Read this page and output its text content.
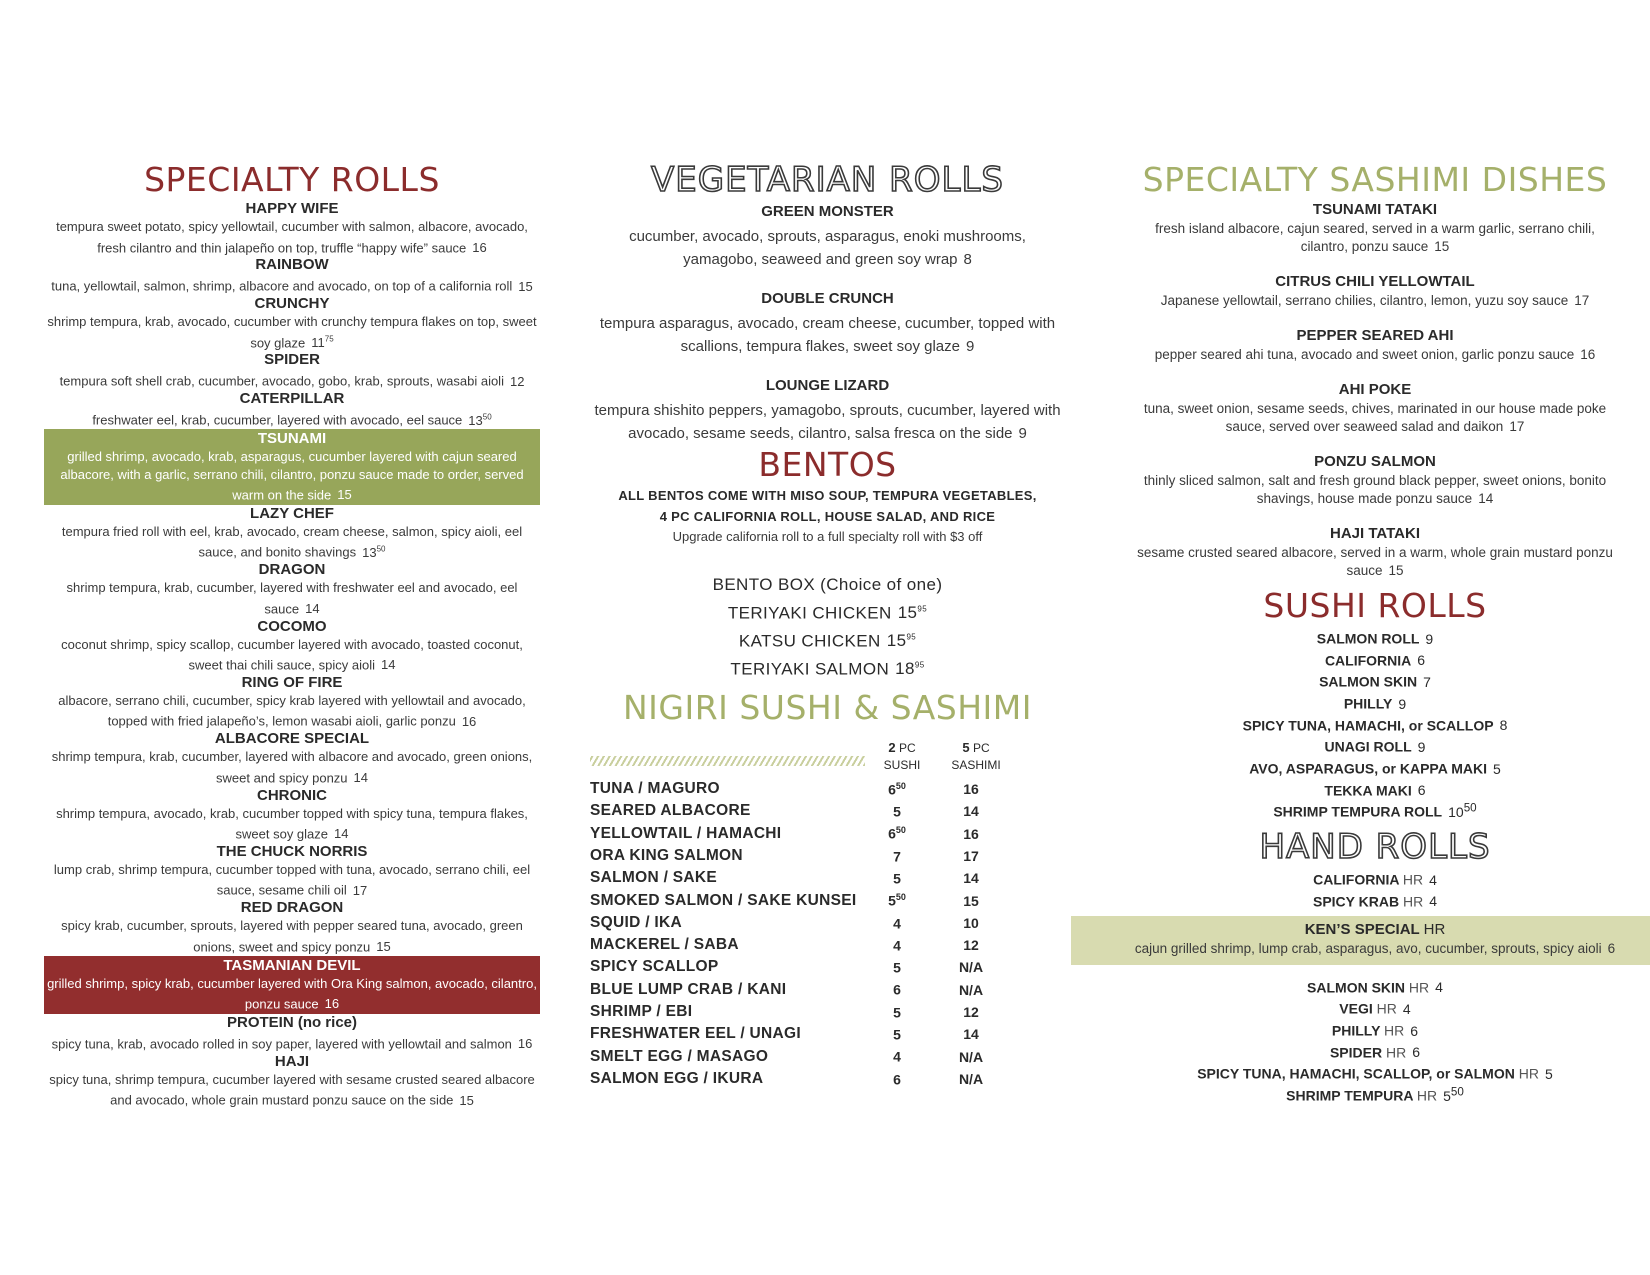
SPECIALTY ROLLS
HAPPY WIFE
tempura sweet potato, spicy yellowtail, cucumber with salmon, albacore, avocado, fresh cilantro and thin jalapeño on top, truffle “happy wife” sauce 16
RAINBOW
tuna, yellowtail, salmon, shrimp, albacore and avocado, on top of a california roll 15
CRUNCHY
shrimp tempura, krab, avocado, cucumber with crunchy tempura flakes on top, sweet soy glaze $11^{75}$
SPIDER
tempura soft shell crab, cucumber, avocado, gobo, krab, sprouts, wasabi aioli 12
CATERPILLAR
freshwater eel, krab, cucumber, layered with avocado, eel sauce $13^{50}$
TSUNAMI
grilled shrimp, avocado, krab, asparagus, cucumber layered with cajun seared albacore, with a garlic, serrano chili, cilantro, ponzu sauce made to order, served warm on the side 15
LAZY CHEF
tempura fried roll with eel, krab, avocado, cream cheese, salmon, spicy aioli, eel sauce, and bonito shavings $13^{50}$
DRAGON
shrimp tempura, krab, cucumber, layered with freshwater eel and avocado, eel sauce 14
COCOMO
coconut shrimp, spicy scallop, cucumber layered with avocado, toasted coconut, sweet thai chili sauce, spicy aioli 14
RING OF FIRE
albacore, serrano chili, cucumber, spicy krab layered with yellowtail and avocado, topped with fried jalapeño’s, lemon wasabi aioli, garlic ponzu 16
ALBACORE SPECIAL
shrimp tempura, krab, cucumber, layered with albacore and avocado, green onions, sweet and spicy ponzu 14
CHRONIC
shrimp tempura, avocado, krab, cucumber topped with spicy tuna, tempura flakes, sweet soy glaze 14
THE CHUCK NORRIS
lump crab, shrimp tempura, cucumber topped with tuna, avocado, serrano chili, eel sauce, sesame chili oil 17
RED DRAGON
spicy krab, cucumber, sprouts, layered with pepper seared tuna, avocado, green onions, sweet and spicy ponzu 15
TASMANIAN DEVIL
grilled shrimp, spicy krab, cucumber layered with Ora King salmon, avocado, cilantro, ponzu sauce 16
PROTEIN (no rice)
spicy tuna, krab, avocado rolled in soy paper, layered with yellowtail and salmon 16
HAJI
spicy tuna, shrimp tempura, cucumber layered with sesame crusted seared albacore and avocado, whole grain mustard ponzu sauce on the side 15
VEGETARIAN ROLLS
GREEN MONSTER
cucumber, avocado, sprouts, asparagus, enoki mushrooms, yamagobo, seaweed and green soy wrap 8
DOUBLE CRUNCH
tempura asparagus, avocado, cream cheese, cucumber, topped with scallions, tempura flakes, sweet soy glaze 9
LOUNGE LIZARD
tempura shishito peppers, yamagobo, sprouts, cucumber, layered with avocado, sesame seeds, cilantro, salsa fresca on the side 9
BENTOS
ALL BENTOS COME WITH MISO SOUP, TEMPURA VEGETABLES,
4 PC CALIFORNIA ROLL, HOUSE SALAD, AND RICE
Upgrade california roll to a full specialty roll with $3 off
BENTO BOX (Choice of one)
TERIYAKI CHICKEN $15^{95}$
KATSU CHICKEN $15^{95}$
TERIYAKI SALMON $18^{95}$
NIGIRI SUSHI & SASHIMI
2 PC
SUSHI
5 PC
SASHIMI
TUNA / MAGURO	$6^{50}$	16
SEARED ALBACORE	5	14
YELLOWTAIL / HAMACHI	$6^{50}$	16
ORA KING SALMON	7	17
SALMON / SAKE	5	14
SMOKED SALMON / SAKE KUNSEI	$5^{50}$	15
SQUID / IKA	4	10
MACKEREL / SABA	4	12
SPICY SCALLOP	5	N/A
BLUE LUMP CRAB / KANI	6	N/A
SHRIMP / EBI	5	12
FRESHWATER EEL / UNAGI	5	14
SMELT EGG / MASAGO	4	N/A
SALMON EGG / IKURA	6	N/A
SPECIALTY SASHIMI DISHES
TSUNAMI TATAKI
fresh island albacore, cajun seared, served in a warm garlic, serrano chili, cilantro, ponzu sauce 15
CITRUS CHILI YELLOWTAIL
Japanese yellowtail, serrano chilies, cilantro, lemon, yuzu soy sauce 17
PEPPER SEARED AHI
pepper seared ahi tuna, avocado and sweet onion, garlic ponzu sauce 16
AHI POKE
tuna, sweet onion, sesame seeds, chives, marinated in our house made poke sauce, served over seaweed salad and daikon 17
PONZU SALMON
thinly sliced salmon, salt and fresh ground black pepper, sweet onions, bonito shavings, house made ponzu sauce 14
HAJI TATAKI
sesame crusted seared albacore, served in a warm, whole grain mustard ponzu sauce 15
SUSHI ROLLS
SALMON ROLL 9
CALIFORNIA 6
SALMON SKIN 7
PHILLY 9
SPICY TUNA, HAMACHI, or SCALLOP 8
UNAGI ROLL 9
AVO, ASPARAGUS, or KAPPA MAKI 5
TEKKA MAKI 6
SHRIMP TEMPURA ROLL $10^{50}$
HAND ROLLS
CALIFORNIA HR 4
SPICY KRAB HR 4
KEN’S SPECIAL HR
cajun grilled shrimp, lump crab, asparagus, avo, cucumber, sprouts, spicy aioli 6
SALMON SKIN HR 4
VEGI HR 4
PHILLY HR 6
SPIDER HR 6
SPICY TUNA, HAMACHI, SCALLOP, or SALMON HR 5
SHRIMP TEMPURA HR $5^{50}$
